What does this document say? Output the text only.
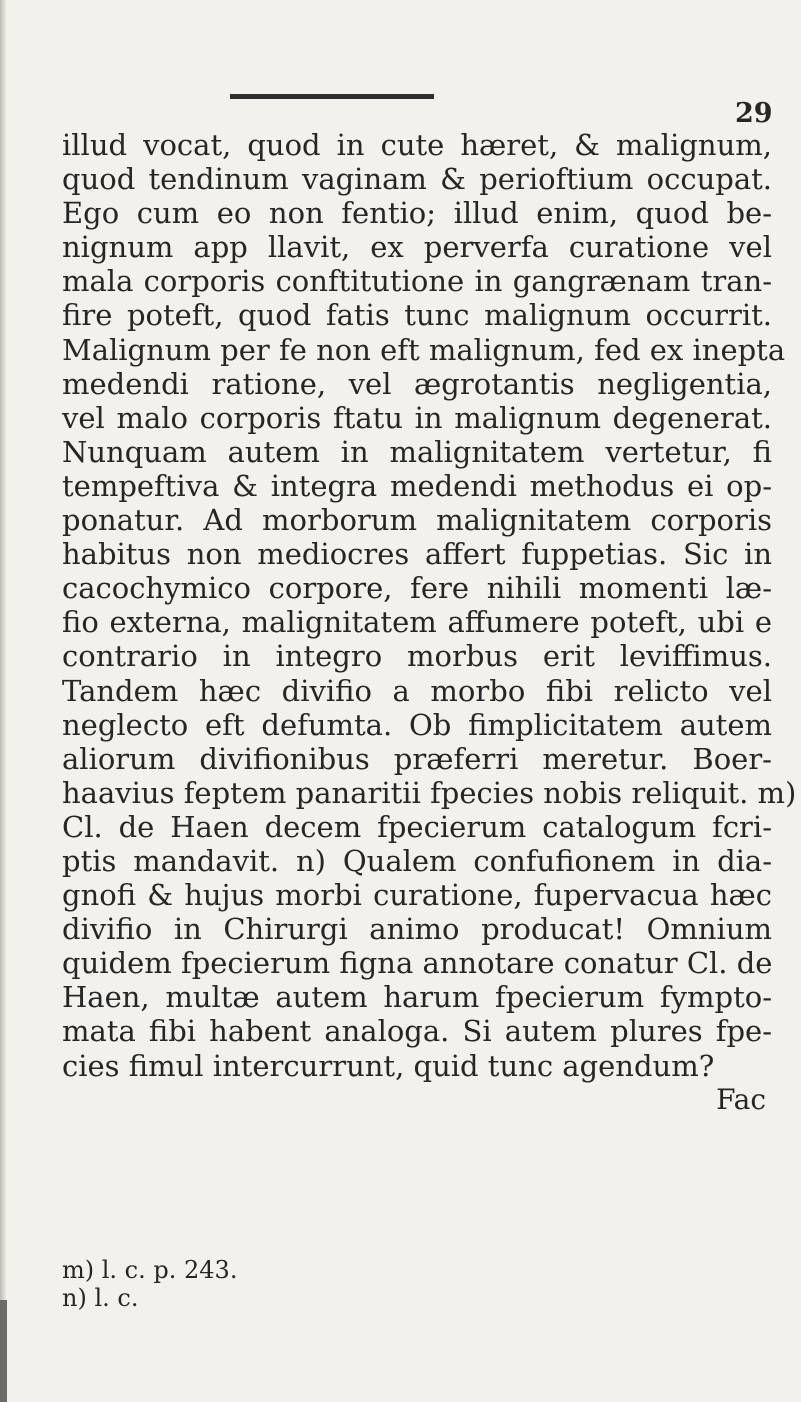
29
illud vocat, quod in cute hæret, & malignum,
quod tendinum vaginam & perioftium occupat.
Ego cum eo non fentio; illud enim, quod be-
nignum app llavit, ex perverfa curatione vel
mala corporis conftitutione in gangrænam tran-
fire poteft, quod fatis tunc malignum occurrit.
Malignum per fe non eft malignum, fed ex inepta
medendi ratione, vel ægrotantis negligentia,
vel malo corporis ftatu in malignum degenerat.
Nunquam autem in malignitatem vertetur, fi
tempeftiva & integra medendi methodus ei op-
ponatur. Ad morborum malignitatem corporis
habitus non mediocres affert fuppetias. Sic in
cacochymico corpore, fere nihili momenti læ-
fio externa, malignitatem affumere poteft, ubi e
contrario in integro morbus erit leviffimus.
Tandem hæc divifio a morbo fibi relicto vel
neglecto eft defumta. Ob fimplicitatem autem
aliorum divifionibus præferri meretur. Boer-
haavius feptem panaritii fpecies nobis reliquit. m)
Cl. de Haen decem fpecierum catalogum fcri-
ptis mandavit. n) Qualem confufionem in dia-
gnofi & hujus morbi curatione, fupervacua hæc
divifio in Chirurgi animo producat! Omnium
quidem fpecierum figna annotare conatur Cl. de
Haen, multæ autem harum fpecierum fympto-
mata fibi habent analoga. Si autem plures fpe-
cies fimul intercurrunt, quid tunc agendum?
Fac
m) l. c. p. 243.
n) l. c.
